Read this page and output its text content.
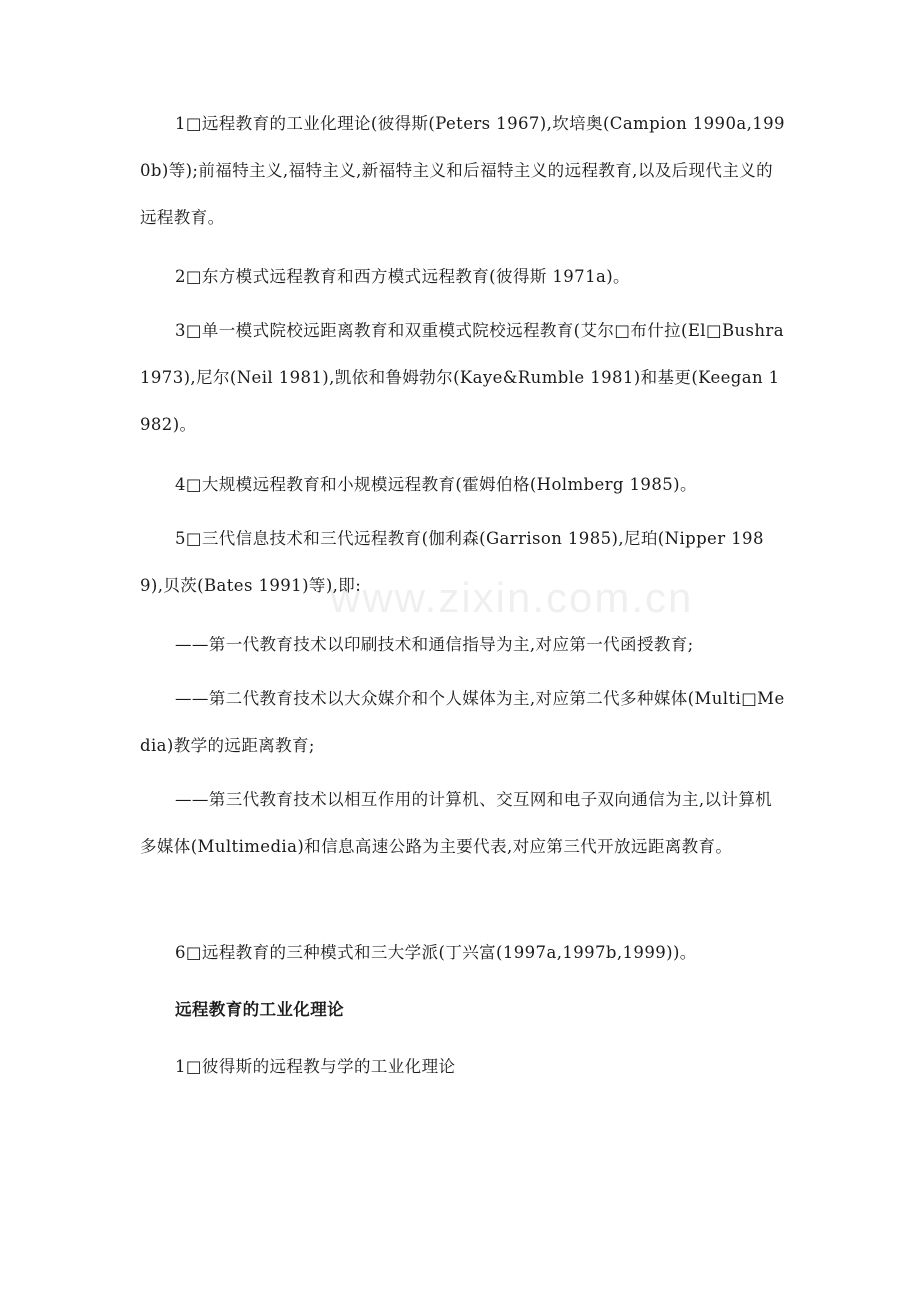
www.zixin.com.cn

1□远程教育的工业化理论(彼得斯(Peters 1967),坎培奥(Campion 1990a,1990b)等);前福特主义,福特主义,新福特主义和后福特主义的远程教育,以及后现代主义的远程教育。

2□东方模式远程教育和西方模式远程教育(彼得斯 1971a)。

3□单一模式院校远距离教育和双重模式院校远程教育(艾尔□布什拉(El□Bushra 1973),尼尔(Neil 1981),凯依和鲁姆勃尔(Kaye&Rumble 1981)和基更(Keegan 1982)。

4□大规模远程教育和小规模远程教育(霍姆伯格(Holmberg 1985)。

5□三代信息技术和三代远程教育(伽利森(Garrison 1985),尼珀(Nipper 1989),贝茨(Bates 1991)等),即:

——第一代教育技术以印刷技术和通信指导为主,对应第一代函授教育;

——第二代教育技术以大众媒介和个人媒体为主,对应第二代多种媒体(Multi□Media)教学的远距离教育;

——第三代教育技术以相互作用的计算机、交互网和电子双向通信为主,以计算机多媒体(Multimedia)和信息高速公路为主要代表,对应第三代开放远距离教育。

6□远程教育的三种模式和三大学派(丁兴富(1997a,1997b,1999))。

远程教育的工业化理论

1□彼得斯的远程教与学的工业化理论
